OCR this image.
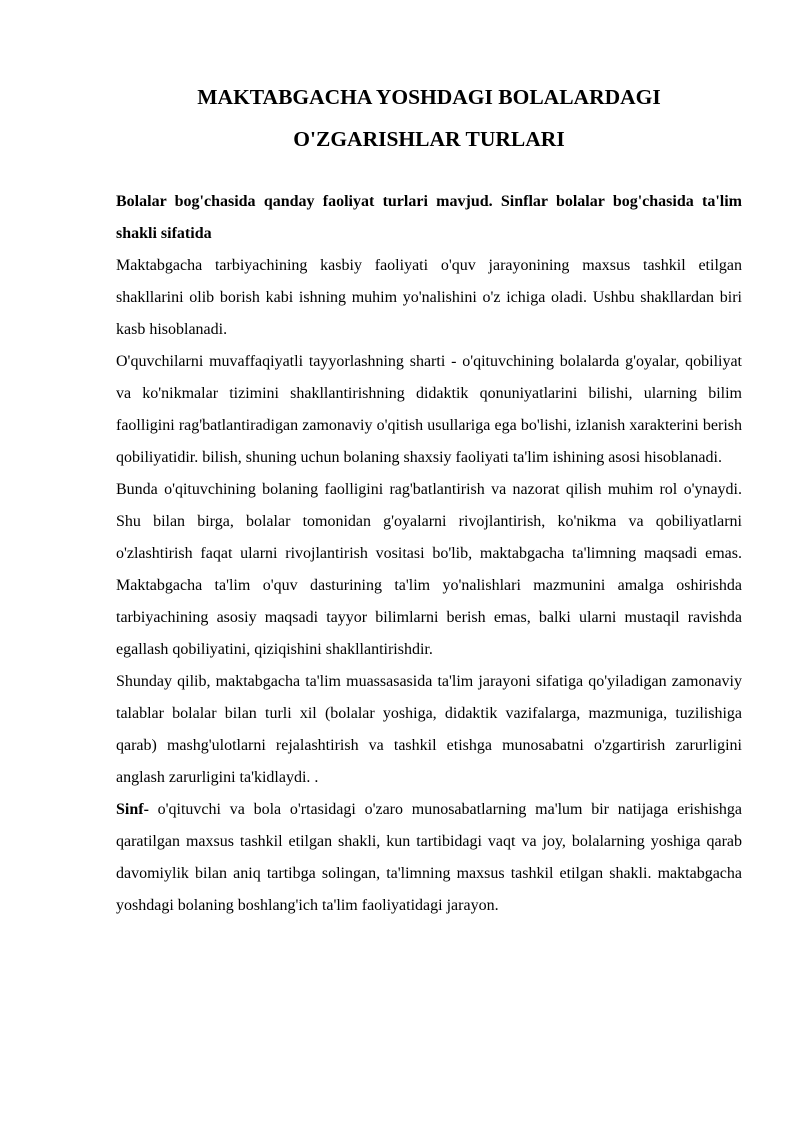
MAKTABGACHA YOSHDAGI BOLALARDAGI
O'ZGARISHLAR TURLARI

Bolalar bog'chasida qanday faoliyat turlari mavjud. Sinflar bolalar bog'chasida ta'lim shakli sifatida

Maktabgacha tarbiyachining kasbiy faoliyati o'quv jarayonining maxsus tashkil etilgan shakllarini olib borish kabi ishning muhim yo'nalishini o'z ichiga oladi. Ushbu shakllardan biri kasb hisoblanadi.

O'quvchilarni muvaffaqiyatli tayyorlashning sharti - o'qituvchining bolalarda g'oyalar, qobiliyat va ko'nikmalar tizimini shakllantirishning didaktik qonuniyatlarini bilishi, ularning bilim faolligini rag'batlantiradigan zamonaviy o'qitish usullariga ega bo'lishi, izlanish xarakterini berish qobiliyatidir. bilish, shuning uchun bolaning shaxsiy faoliyati ta'lim ishining asosi hisoblanadi.

Bunda o'qituvchining bolaning faolligini rag'batlantirish va nazorat qilish muhim rol o'ynaydi. Shu bilan birga, bolalar tomonidan g'oyalarni rivojlantirish, ko'nikma va qobiliyatlarni o'zlashtirish faqat ularni rivojlantirish vositasi bo'lib, maktabgacha ta'limning maqsadi emas. Maktabgacha ta'lim o'quv dasturining ta'lim yo'nalishlari mazmunini amalga oshirishda tarbiyachining asosiy maqsadi tayyor bilimlarni berish emas, balki ularni mustaqil ravishda egallash qobiliyatini, qiziqishini shakllantirishdir.

Shunday qilib, maktabgacha ta'lim muassasasida ta'lim jarayoni sifatiga qo'yiladigan zamonaviy talablar bolalar bilan turli xil (bolalar yoshiga, didaktik vazifalarga, mazmuniga, tuzilishiga qarab) mashg'ulotlarni rejalashtirish va tashkil etishga munosabatni o'zgartirish zarurligini anglash zarurligini ta'kidlaydi. .

Sinf- o'qituvchi va bola o'rtasidagi o'zaro munosabatlarning ma'lum bir natijaga erishishga qaratilgan maxsus tashkil etilgan shakli, kun tartibidagi vaqt va joy, bolalarning yoshiga qarab davomiylik bilan aniq tartibga solingan, ta'limning maxsus tashkil etilgan shakli. maktabgacha yoshdagi bolaning boshlang'ich ta'lim faoliyatidagi jarayon.
